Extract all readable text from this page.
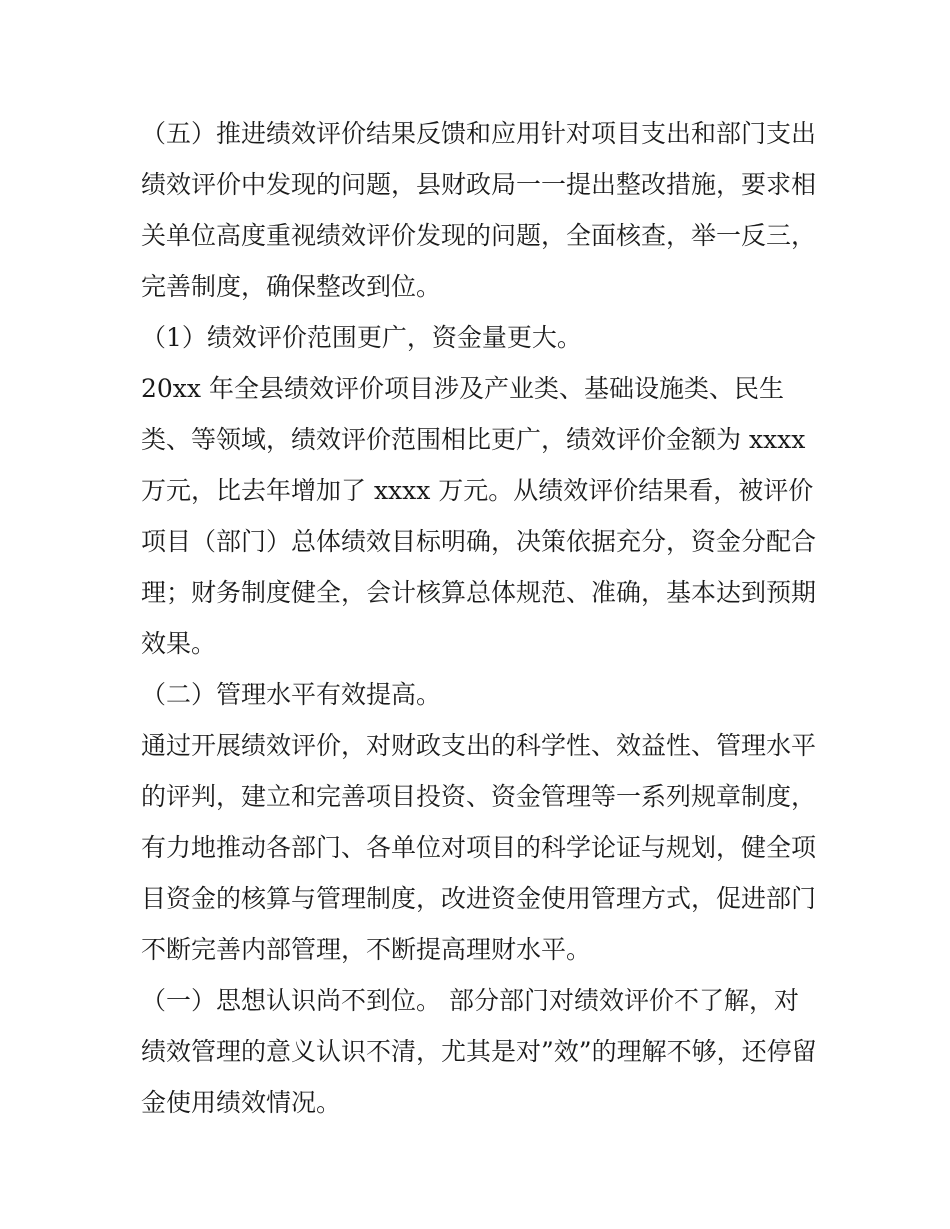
（五）推进绩效评价结果反馈和应用针对项目支出和部门支出
绩效评价中发现的问题，县财政局一一提出整改措施，要求相
关单位高度重视绩效评价发现的问题，全面核查，举一反三，
完善制度，确保整改到位。
（1）绩效评价范围更广，资金量更大。
20xx 年全县绩效评价项目涉及产业类、基础设施类、民生
类、等领域，绩效评价范围相比更广，绩效评价金额为 xxxx
万元，比去年增加了 xxxx 万元。从绩效评价结果看，被评价
项目（部门）总体绩效目标明确，决策依据充分，资金分配合
理；财务制度健全，会计核算总体规范、准确，基本达到预期
效果。
（二）管理水平有效提高。
通过开展绩效评价，对财政支出的科学性、效益性、管理水平
的评判，建立和完善项目投资、资金管理等一系列规章制度，
有力地推动各部门、各单位对项目的科学论证与规划，健全项
目资金的核算与管理制度，改进资金使用管理方式，促进部门
不断完善内部管理，不断提高理财水平。
（一）思想认识尚不到位。 部分部门对绩效评价不了解，对
绩效管理的意义认识不清，尤其是对”效”的理解不够，还停留
金使用绩效情况。
